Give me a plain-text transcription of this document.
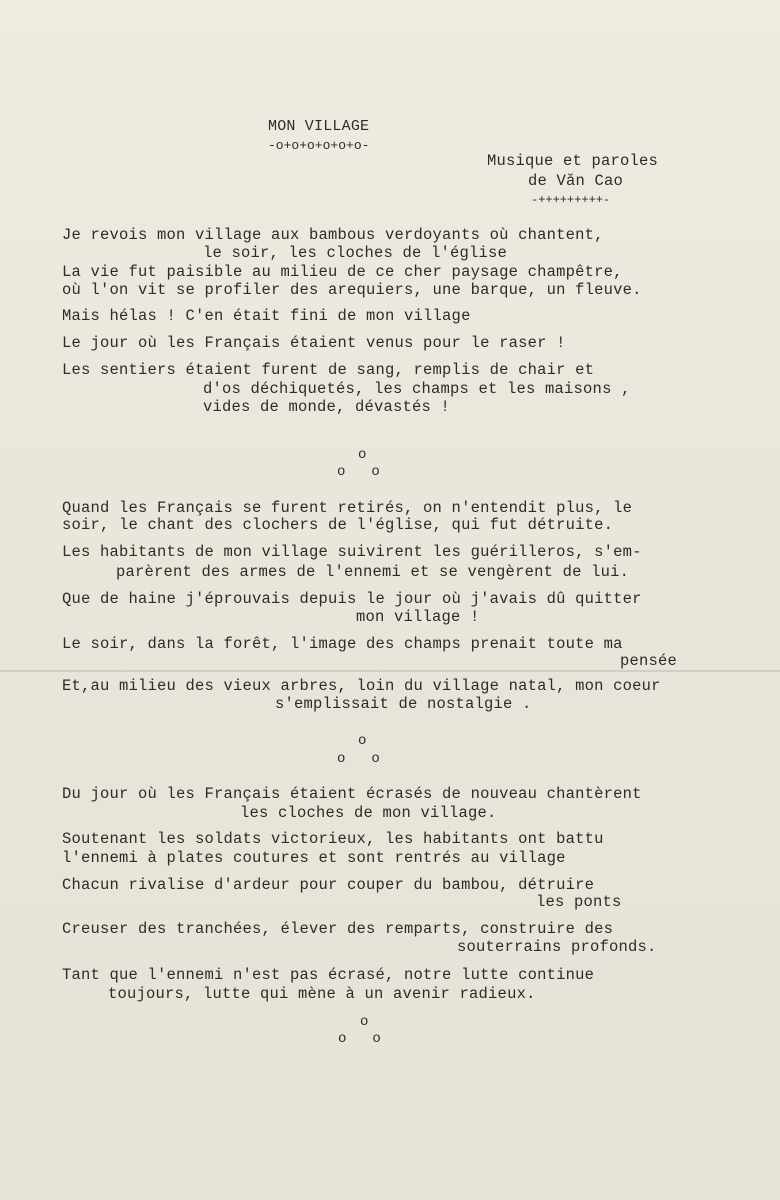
MON VILLAGE
-o+o+o+o+o+o-
Musique et paroles
de Văn Cao
-+++++++++-
Je revois mon village aux bambous verdoyants où chantent,
le soir, les cloches de l'église
La vie fut paisible au milieu de ce cher paysage champêtre,
où l'on vit se profiler des arequiers, une barque, un fleuve.
Mais hélas ! C'en était fini de mon village
Le jour où les Français étaient venus pour le raser !
Les sentiers étaient furent de sang, remplis de chair et
d'os déchiquetés, les champs et les maisons ,
vides de monde, dévastés !
o
o   o
Quand les Français se furent retirés, on n'entendit plus, le
soir, le chant des clochers de l'église, qui fut détruite.
Les habitants de mon village suivirent les guérilleros, s'em-
parèrent des armes de l'ennemi et se vengèrent de lui.
Que de haine j'éprouvais depuis le jour où j'avais dû quitter
mon village !
Le soir, dans la forêt, l'image des champs prenait toute ma
pensée
Et,au milieu des vieux arbres, loin du village natal, mon coeur
s'emplissait de nostalgie .
o
o   o
Du jour où les Français étaient écrasés de nouveau chantèrent
les cloches de mon village.
Soutenant les soldats victorieux, les habitants ont battu
l'ennemi à plates coutures et sont rentrés au village
Chacun rivalise d'ardeur pour couper du bambou, détruire
les ponts
Creuser des tranchées, élever des remparts, construire des
souterrains profonds.
Tant que l'ennemi n'est pas écrasé, notre lutte continue
toujours, lutte qui mène à un avenir radieux.
o
o   o
